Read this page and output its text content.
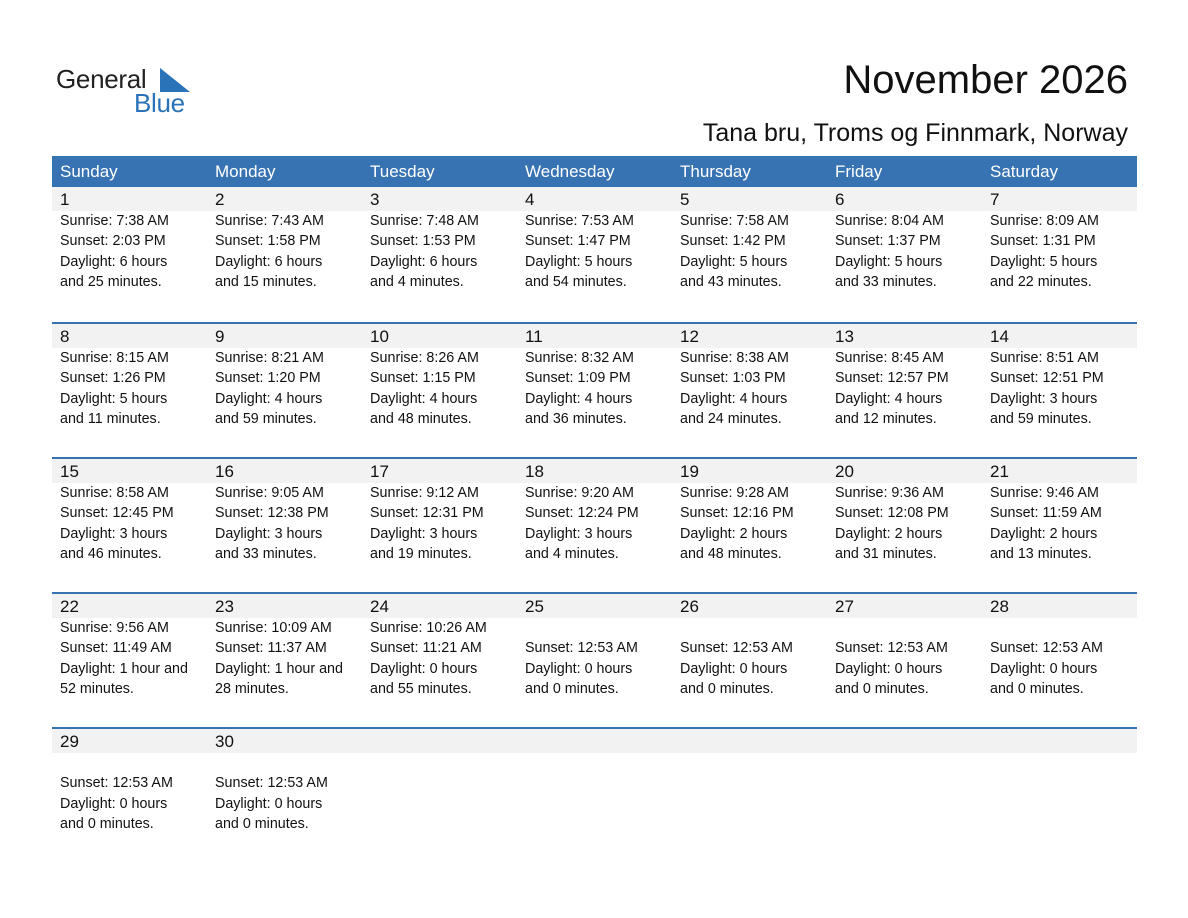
General
Blue
November 2026
Tana bru, Troms og Finnmark, Norway
Sunday	Monday	Tuesday	Wednesday	Thursday	Friday	Saturday
1	2	3	4	5	6	7
Sunrise: 7:38 AM
Sunset: 2:03 PM
Daylight: 6 hours
and 25 minutes.
Sunrise: 7:43 AM
Sunset: 1:58 PM
Daylight: 6 hours
and 15 minutes.
Sunrise: 7:48 AM
Sunset: 1:53 PM
Daylight: 6 hours
and 4 minutes.
Sunrise: 7:53 AM
Sunset: 1:47 PM
Daylight: 5 hours
and 54 minutes.
Sunrise: 7:58 AM
Sunset: 1:42 PM
Daylight: 5 hours
and 43 minutes.
Sunrise: 8:04 AM
Sunset: 1:37 PM
Daylight: 5 hours
and 33 minutes.
Sunrise: 8:09 AM
Sunset: 1:31 PM
Daylight: 5 hours
and 22 minutes.
8	9	10	11	12	13	14
Sunrise: 8:15 AM
Sunset: 1:26 PM
Daylight: 5 hours
and 11 minutes.
Sunrise: 8:21 AM
Sunset: 1:20 PM
Daylight: 4 hours
and 59 minutes.
Sunrise: 8:26 AM
Sunset: 1:15 PM
Daylight: 4 hours
and 48 minutes.
Sunrise: 8:32 AM
Sunset: 1:09 PM
Daylight: 4 hours
and 36 minutes.
Sunrise: 8:38 AM
Sunset: 1:03 PM
Daylight: 4 hours
and 24 minutes.
Sunrise: 8:45 AM
Sunset: 12:57 PM
Daylight: 4 hours
and 12 minutes.
Sunrise: 8:51 AM
Sunset: 12:51 PM
Daylight: 3 hours
and 59 minutes.
15	16	17	18	19	20	21
Sunrise: 8:58 AM
Sunset: 12:45 PM
Daylight: 3 hours
and 46 minutes.
Sunrise: 9:05 AM
Sunset: 12:38 PM
Daylight: 3 hours
and 33 minutes.
Sunrise: 9:12 AM
Sunset: 12:31 PM
Daylight: 3 hours
and 19 minutes.
Sunrise: 9:20 AM
Sunset: 12:24 PM
Daylight: 3 hours
and 4 minutes.
Sunrise: 9:28 AM
Sunset: 12:16 PM
Daylight: 2 hours
and 48 minutes.
Sunrise: 9:36 AM
Sunset: 12:08 PM
Daylight: 2 hours
and 31 minutes.
Sunrise: 9:46 AM
Sunset: 11:59 AM
Daylight: 2 hours
and 13 minutes.
22	23	24	25	26	27	28
Sunrise: 9:56 AM
Sunset: 11:49 AM
Daylight: 1 hour and
52 minutes.
Sunrise: 10:09 AM
Sunset: 11:37 AM
Daylight: 1 hour and
28 minutes.
Sunrise: 10:26 AM
Sunset: 11:21 AM
Daylight: 0 hours
and 55 minutes.
Sunset: 12:53 AM
Daylight: 0 hours
and 0 minutes.
Sunset: 12:53 AM
Daylight: 0 hours
and 0 minutes.
Sunset: 12:53 AM
Daylight: 0 hours
and 0 minutes.
Sunset: 12:53 AM
Daylight: 0 hours
and 0 minutes.
29	30
Sunset: 12:53 AM
Daylight: 0 hours
and 0 minutes.
Sunset: 12:53 AM
Daylight: 0 hours
and 0 minutes.
